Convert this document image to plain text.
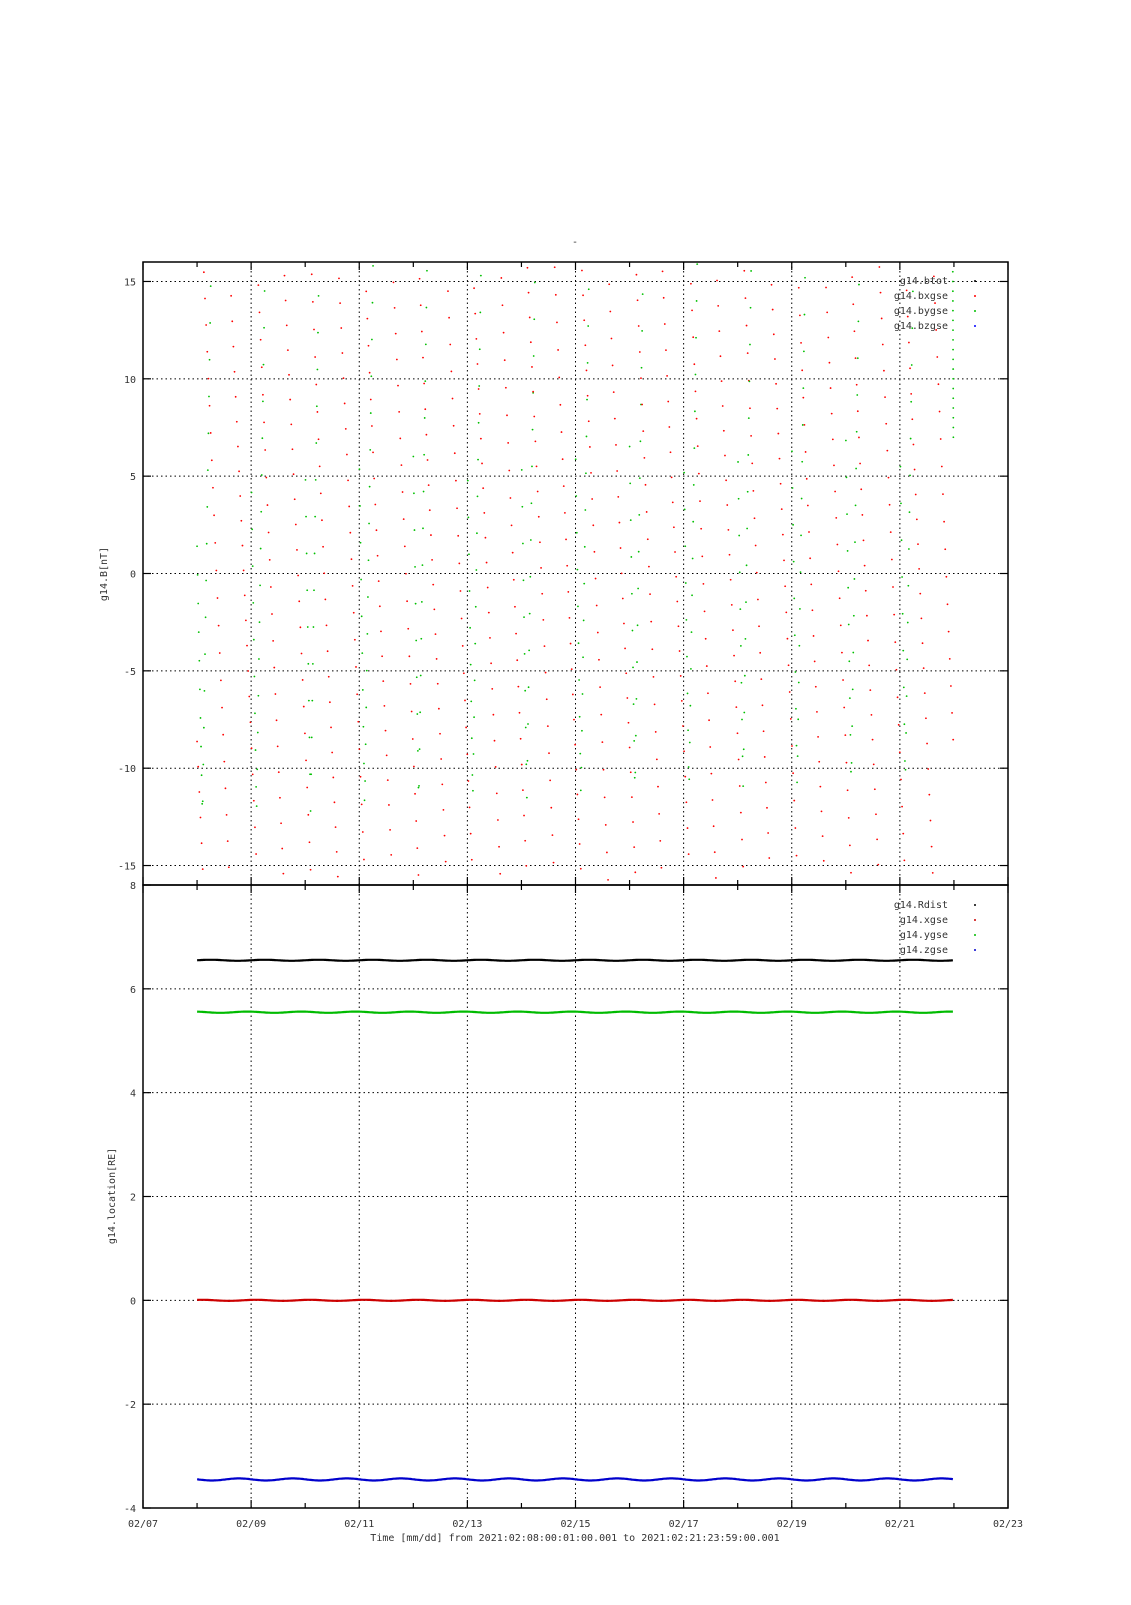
-
-15
-10
-5
0
5
10
15	g14.btot
g14.bxgse
g14.bygse
g14.bzgse
g14.B[nT]
-4
-2
0
2
4
6
8
g14.Rdist
g14.xgse
g14.ygse
g14.zgse
g14.location[RE]
02/07	02/09	02/11	02/13	02/15	02/17	02/19	02/21	02/23
Time [mm/dd] from 2021:02:08:00:01:00.001 to 2021:02:21:23:59:00.001
